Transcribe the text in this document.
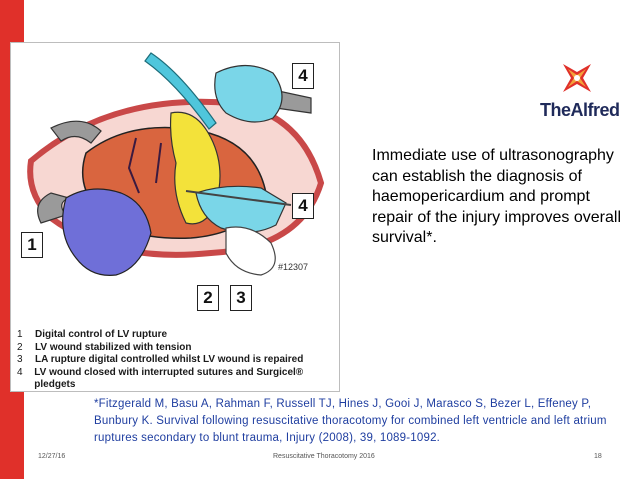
4
4
1
2	3
#12307
1	Digital control of LV rupture
2	LV wound stabilized with tension
3	LA rupture digital controlled whilst LV wound is repaired
4	LV wound closed with interrupted sutures and Surgicel® pledgets
TheAlfred
Immediate use of ultrasonography can establish the diagnosis of haemopericardium and prompt repair of the injury improves overall survival*.
*Fitzgerald M, Basu A, Rahman F, Russell TJ, Hines J, Gooi J, Marasco S, Bezer L, Effeney P, Bunbury K. Survival following resuscitative thoracotomy for combined left ventricle and left atrium ruptures secondary to blunt trauma, Injury (2008), 39, 1089-1092.
12/27/16	Resuscitative Thoracotomy 2016	18
